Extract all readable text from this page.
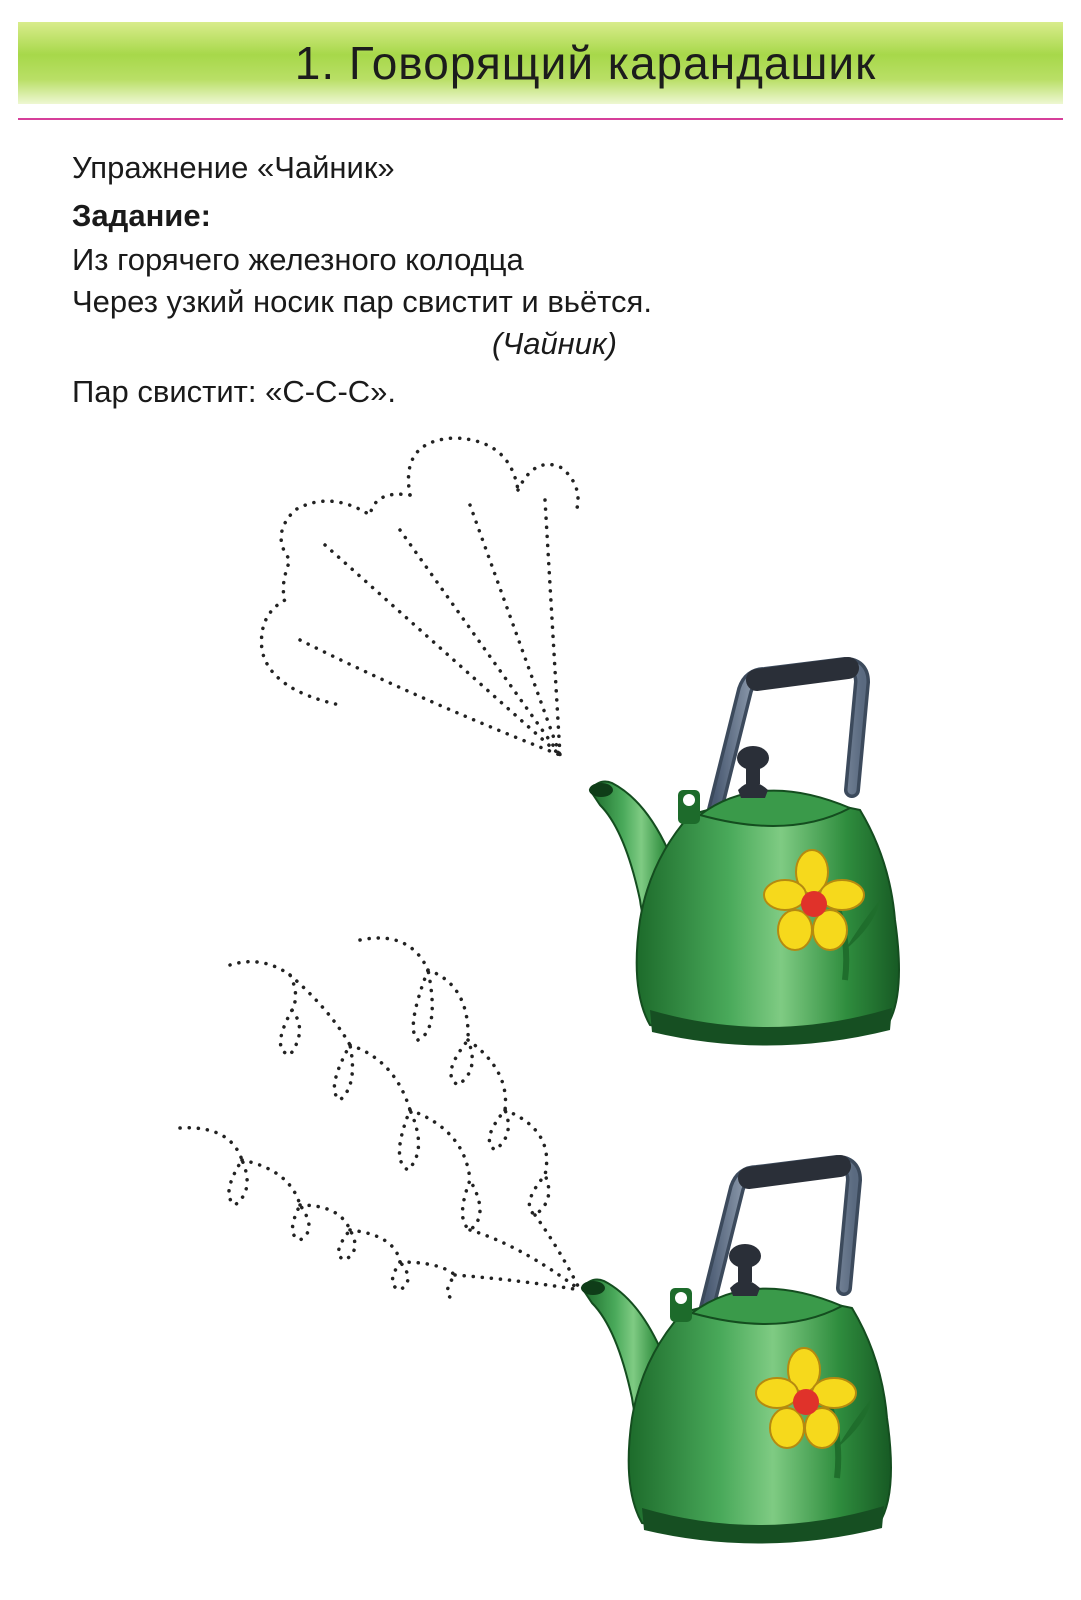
1. Говорящий карандашик
Упражнение «Чайник»
Задание:
Из горячего железного колодца
Через узкий носик пар свистит и вьётся.
(Чайник)
Пар свистит: «С-С-С».
